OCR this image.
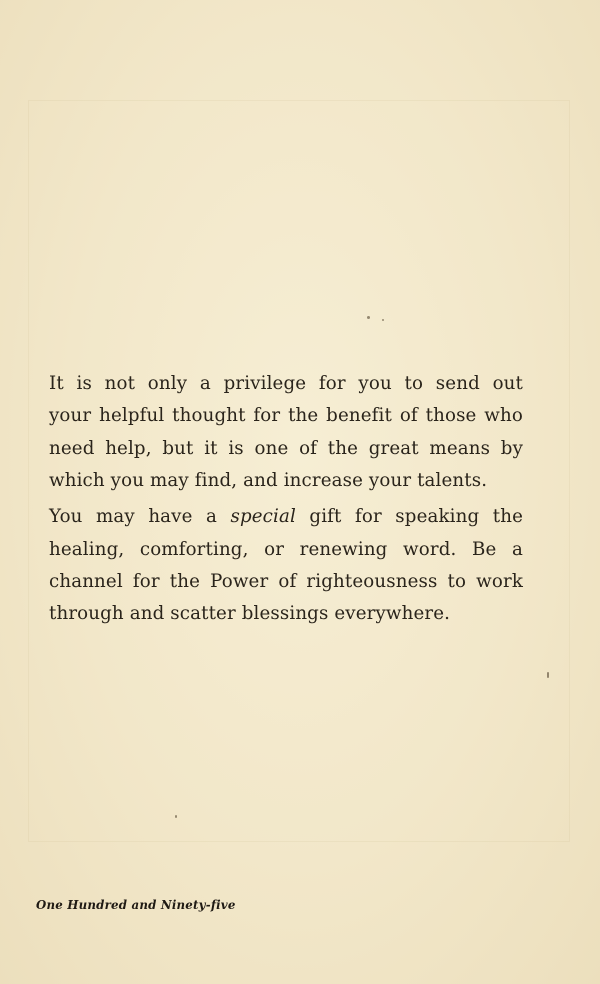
It is not only a privilege for you to send out
your helpful thought for the benefit of those who
need help, but it is one of the great means by
which you may find, and increase your talents.

You may have a special gift for speaking the
healing, comforting, or renewing word. Be a
channel for the Power of righteousness to work
through and scatter blessings everywhere.

One Hundred and Ninety-five
